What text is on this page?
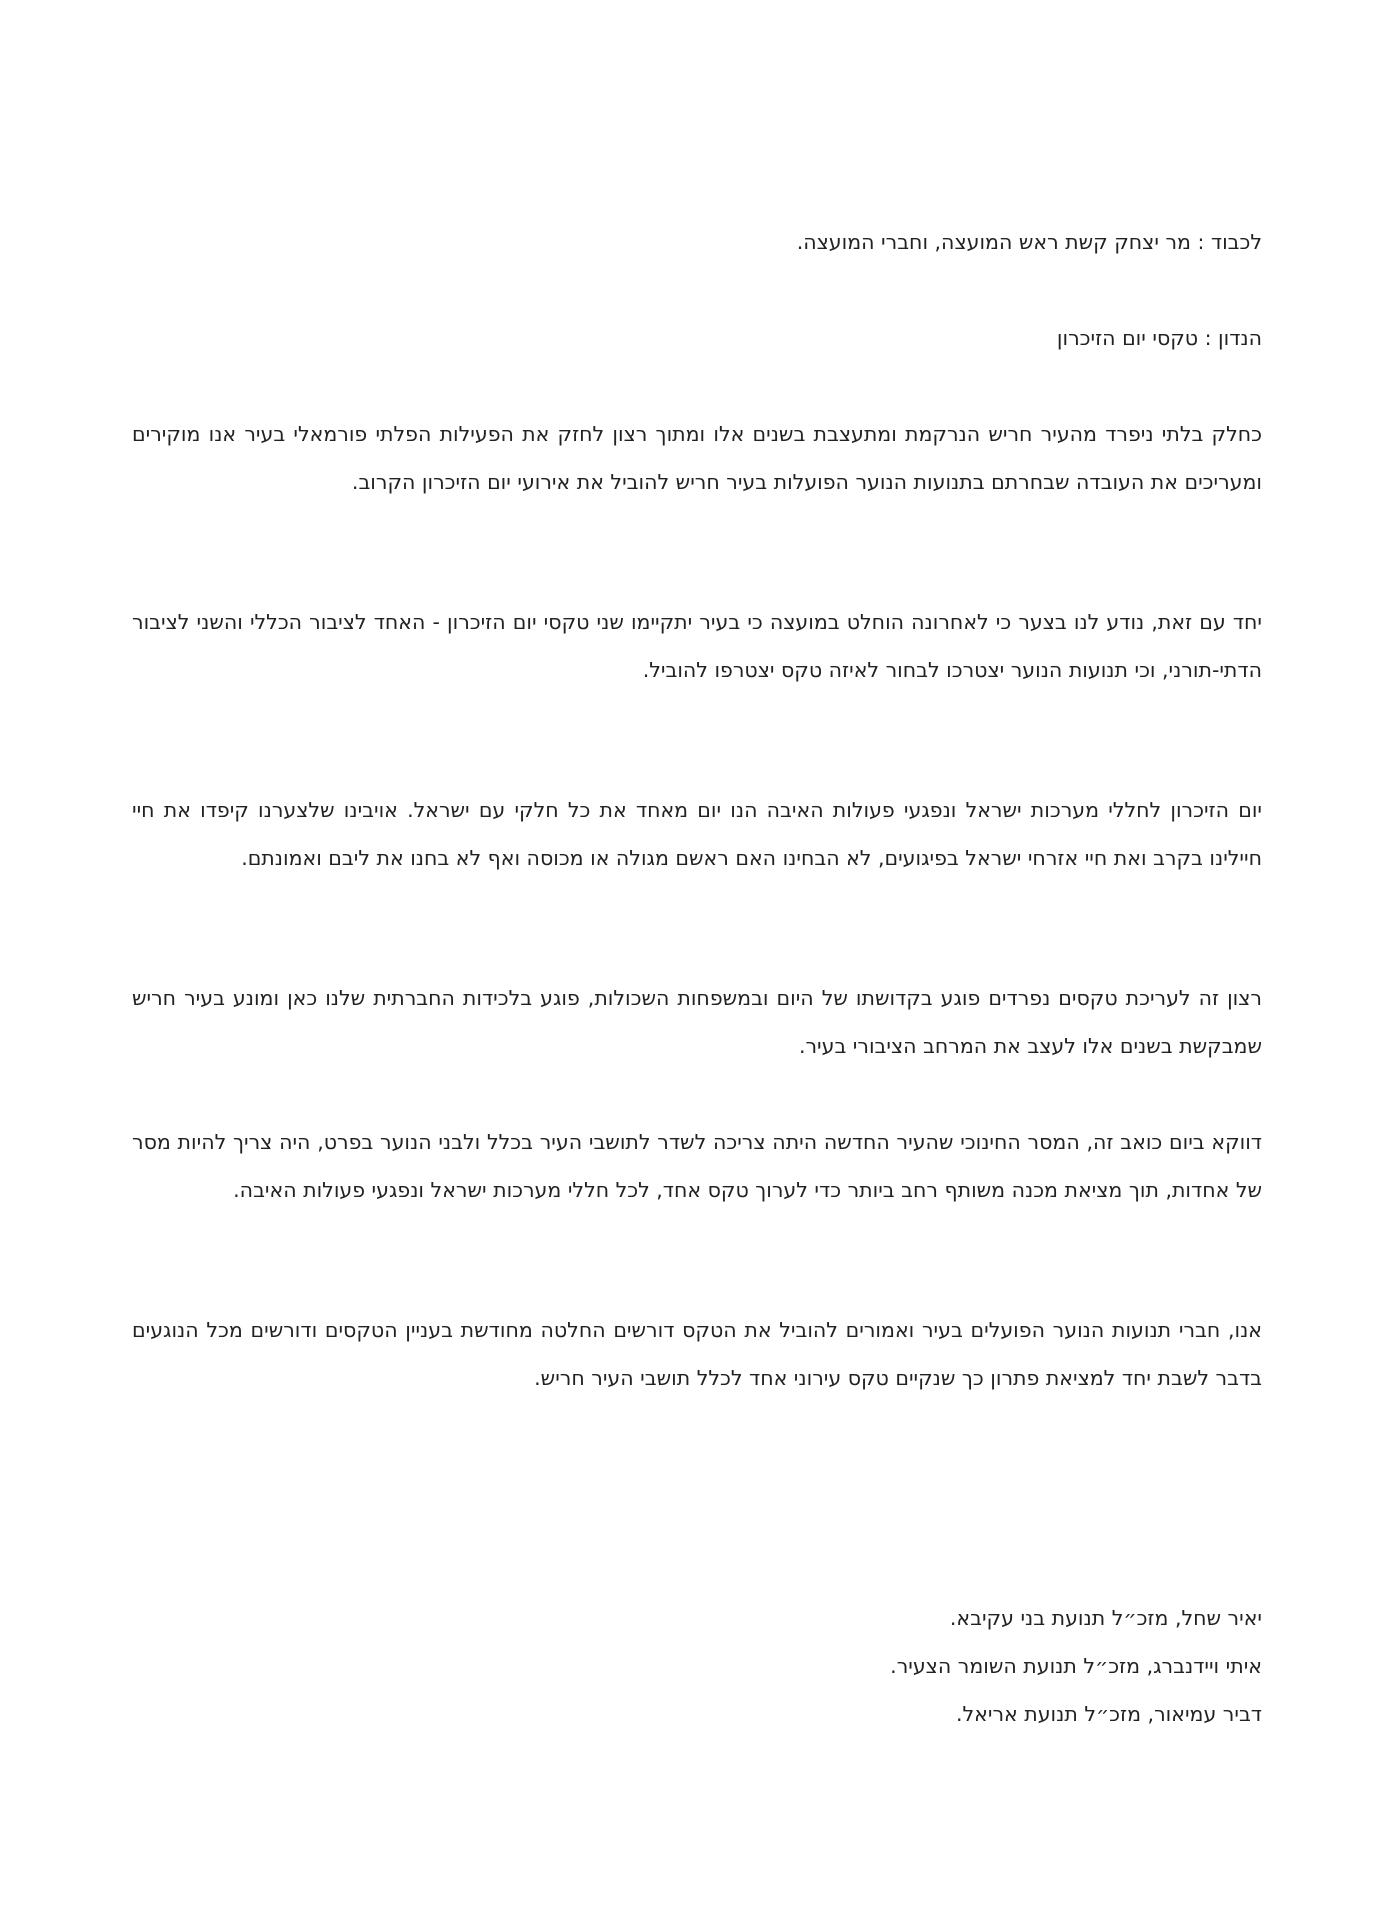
לכבוד : מר יצחק קשת ראש המועצה, וחברי המועצה.

הנדון : טקסי יום הזיכרון

כחלק בלתי ניפרד מהעיר חריש הנרקמת ומתעצבת בשנים אלו ומתוך רצון לחזק את הפעילות הפלתי פורמאלי בעיר אנו מוקירים ומעריכים את העובדה שבחרתם בתנועות הנוער הפועלות בעיר חריש להוביל את אירועי יום הזיכרון הקרוב.

יחד עם זאת, נודע לנו בצער כי לאחרונה הוחלט במועצה כי בעיר יתקיימו שני טקסי יום הזיכרון - האחד לציבור הכללי והשני לציבור הדתי-תורני, וכי תנועות הנוער יצטרכו לבחור לאיזה טקס יצטרפו להוביל.

יום הזיכרון לחללי מערכות ישראל ונפגעי פעולות האיבה הנו יום מאחד את כל חלקי עם ישראל. אויבינו שלצערנו קיפדו את חיי חיילינו בקרב ואת חיי אזרחי ישראל בפיגועים, לא הבחינו האם ראשם מגולה או מכוסה ואף לא בחנו את ליבם ואמונתם.

רצון זה לעריכת טקסים נפרדים פוגע בקדושתו של היום ובמשפחות השכולות, פוגע בלכידות החברתית שלנו כאן ומונע בעיר חריש שמבקשת בשנים אלו לעצב את המרחב הציבורי בעיר.

דווקא ביום כואב זה, המסר החינוכי שהעיר החדשה היתה צריכה לשדר לתושבי העיר בכלל ולבני הנוער בפרט, היה צריך להיות מסר של אחדות, תוך מציאת מכנה משותף רחב ביותר כדי לערוך טקס אחד, לכל חללי מערכות ישראל ונפגעי פעולות האיבה.

אנו, חברי תנועות הנוער הפועלים בעיר ואמורים להוביל את הטקס דורשים החלטה מחודשת בעניין הטקסים ודורשים מכל הנוגעים בדבר לשבת יחד למציאת פתרון כך שנקיים טקס עירוני אחד לכלל תושבי העיר חריש.

יאיר שחל, מזכ״ל תנועת בני עקיבא.
איתי ויידנברג, מזכ״ל תנועת השומר הצעיר.
דביר עמיאור, מזכ״ל תנועת אריאל.
